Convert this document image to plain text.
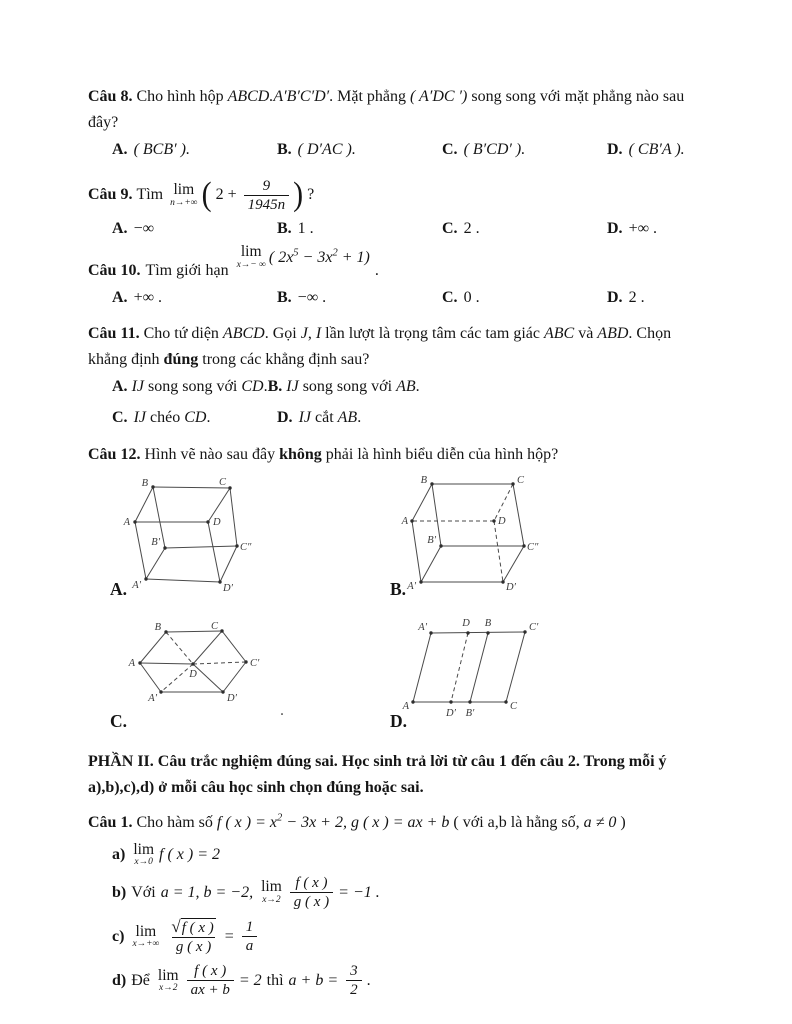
Câu 8. Cho hình hộp ABCD.A′B′C′D′. Mặt phẳng ( A′DC ′) song song với mặt phẳng nào sau
đây?
A. ( BCB′ ).	B. ( D′AC ).	C. ( B′CD′ ).	D. ( CB′A ).
Câu 9. Tìm lim
n→+∞ ( $2 + \frac{9}{1945n}$ ) ?
A. −∞	B. 1 .	C. 2 .	D. +∞ .
Câu 10. Tìm giới hạn
lim
x→− ∞ ( $2x^5 - 3x^2 + 1$)
.
A. +∞ .	B. −∞ .	C. 0 .	D. 2 .
Câu 11. Cho tứ diện ABCD. Gọi J, I lần lượt là trọng tâm các tam giác ABC và ABD. Chọn
khẳng định đúng trong các khẳng định sau?
A. IJ song song với CD.B. IJ song song với AB.
C. IJ chéo CD.	D. IJ cắt AB.
Câu 12. Hình vẽ nào sau đây không phải là hình biểu diễn của hình hộp?
A.
B	C
A	D
B′	C″
A′	D′	B.
B	C
A	D
B′
C″
A′	D′
C.
.
B	C
A
D
C′
A′	D′
D.
A′	D B	C′
A
D′ B′
C
PHẦN II. Câu trắc nghiệm đúng sai. Học sinh trả lời từ câu 1 đến câu 2. Trong mỗi ý
a),b),c),d) ở mỗi câu học sinh chọn đúng hoặc sai.
Câu 1. Cho hàm số f ( x ) = $x^2 - 3x + 2$, g ( x ) = ax + b ( với a,b là hằng số, a ≠ 0 )
a) lim
x→0 f ( x ) = 2
b) Với a = 1, b = −2, lim
$x\to 2 \frac{f ( x )}{g ( x )} = -1$ .
c) lim
$x\to+\infty \frac{√f ( x )}{g ( x )} = \frac{1}{a}$
d) Để lim
$x\to 2 \frac{f ( x )}{ax + b} = 2$ thì $a + b = \frac{3}{2}$ .
